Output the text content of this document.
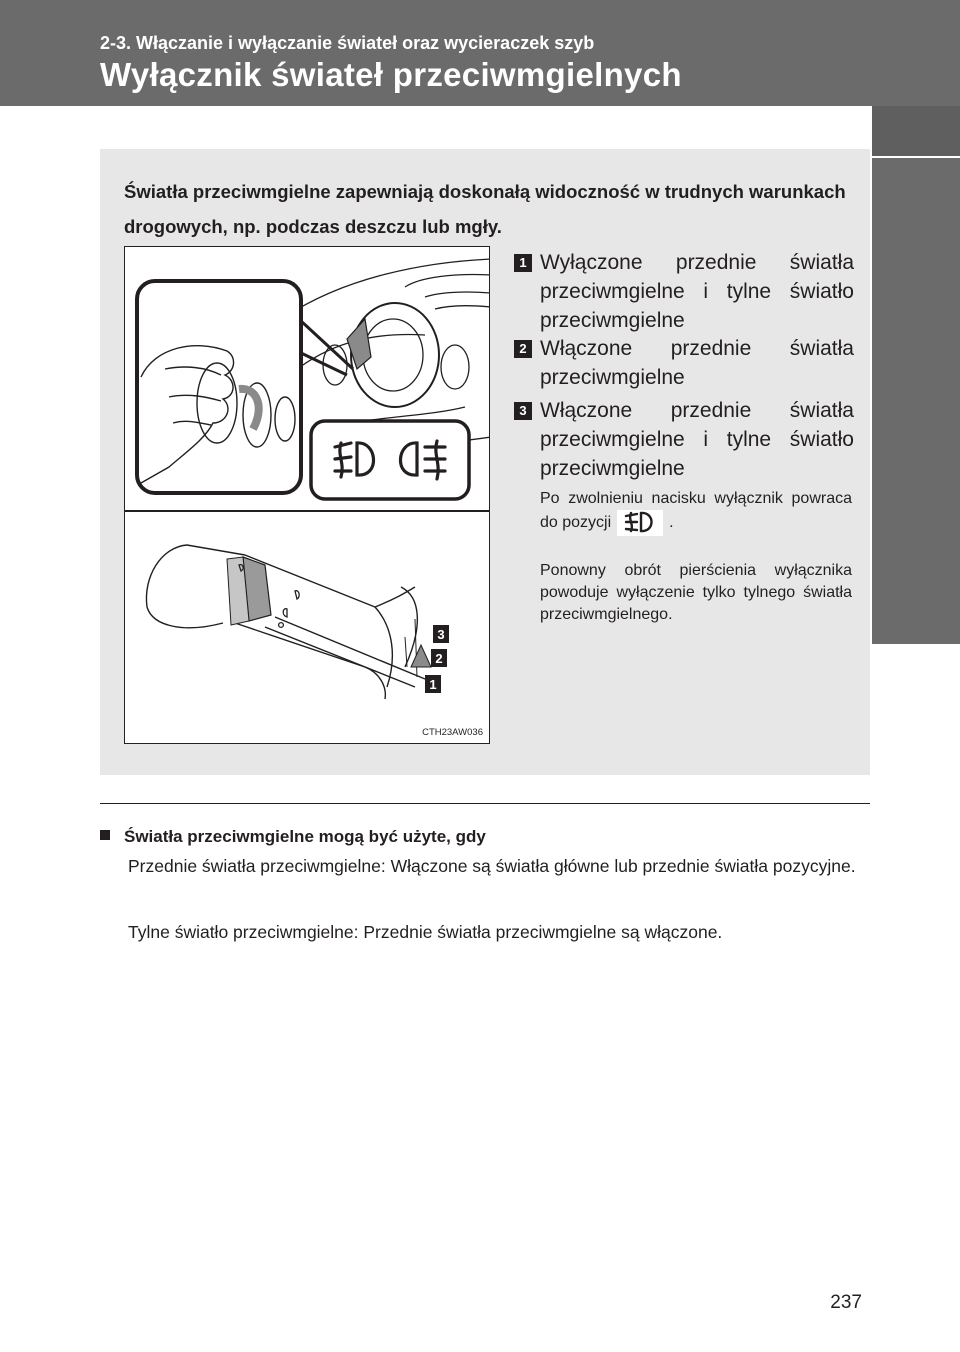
2-3. Włączanie i wyłączanie świateł oraz wycieraczek szyb
Wyłącznik świateł przeciwmgielnych
2
Podczas jazdy
Światła przeciwmgielne zapewniają doskonałą widoczność w trudnych warunkach drogowych, np. podczas deszczu lub mgły.
3
2
1
CTH23AW036
1 Wyłączone przednie światła przeciwmgielne i tylne światło przeciwmgielne
2 Włączone przednie światła przeciwmgielne
3 Włączone przednie światła przeciwmgielne i tylne światło przeciwmgielne
Po zwolnieniu nacisku wyłącznik powraca do pozycji	.
Ponowny obrót pierścienia wyłącznika powoduje wyłączenie tylko tylnego światła przeciwmgielnego.
Światła przeciwmgielne mogą być użyte, gdy
Przednie światła przeciwmgielne: Włączone są światła główne lub przednie światła pozycyjne.
Tylne światło przeciwmgielne: Przednie światła przeciwmgielne są włączone.
237
